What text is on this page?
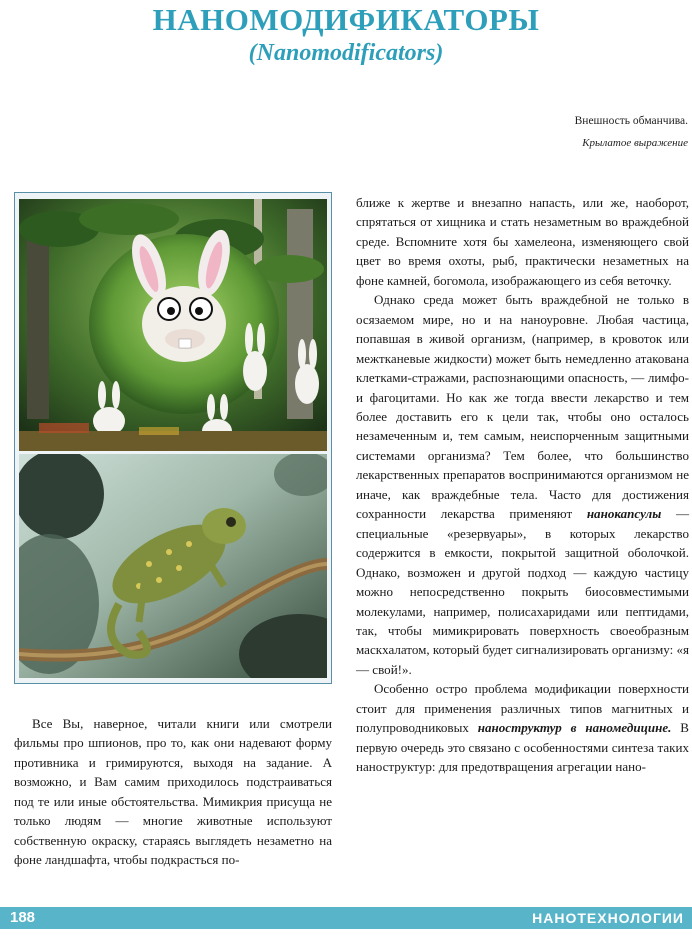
НАНОМОДИФИКАТОРЫ
(Nanomodificators)
Внешность обманчива.
Крылатое выражение

Все Вы, наверное, читали книги или смотрели фильмы про шпионов, про то, как они надевают форму противника и гримируются, выходя на задание. А возможно, и Вам самим приходилось подстраиваться под те или иные обстоятельства. Мимикрия присуща не только людям — многие животные используют собственную окраску, стараясь выглядеть незаметно на фоне ландшафта, чтобы подкрасться по-

ближе к жертве и внезапно напасть, или же, наоборот, спрятаться от хищника и стать незаметным во враждебной среде. Вспомните хотя бы хамелеона, изменяющего свой цвет во время охоты, рыб, практически незаметных на фоне камней, богомола, изображающего из себя веточку.

Однако среда может быть враждебной не только в осязаемом мире, но и на наноуровне. Любая частица, попавшая в живой организм, (например, в кровоток или межтканевые жидкости) может быть немедленно атакована клетками-стражами, распознающими опасность, — лимфо- и фагоцитами. Но как же тогда ввести лекарство и тем более доставить его к цели так, чтобы оно осталось незамеченным и, тем самым, неиспорченным защитными системами организма? Тем более, что большинство лекарственных препаратов воспринимаются организмом не иначе, как враждебные тела. Часто для достижения сохранности лекарства применяют нанокапсулы — специальные «резервуары», в которых лекарство содержится в емкости, покрытой защитной оболочкой. Однако, возможен и другой подход — каждую частицу можно непосредственно покрыть биосовместимыми молекулами, например, полисахаридами или пептидами, так, чтобы мимикрировать поверхность своеобразным маскхалатом, который будет сигнализировать организму: «я — свой!».

Особенно остро проблема модификации поверхности стоит для применения различных типов магнитных и полупроводниковых наноструктур в наномедицине. В первую очередь это связано с особенностями синтеза таких наноструктур: для предотвращения агрегации нано-

188	НАНОТЕХНОЛОГИИ
